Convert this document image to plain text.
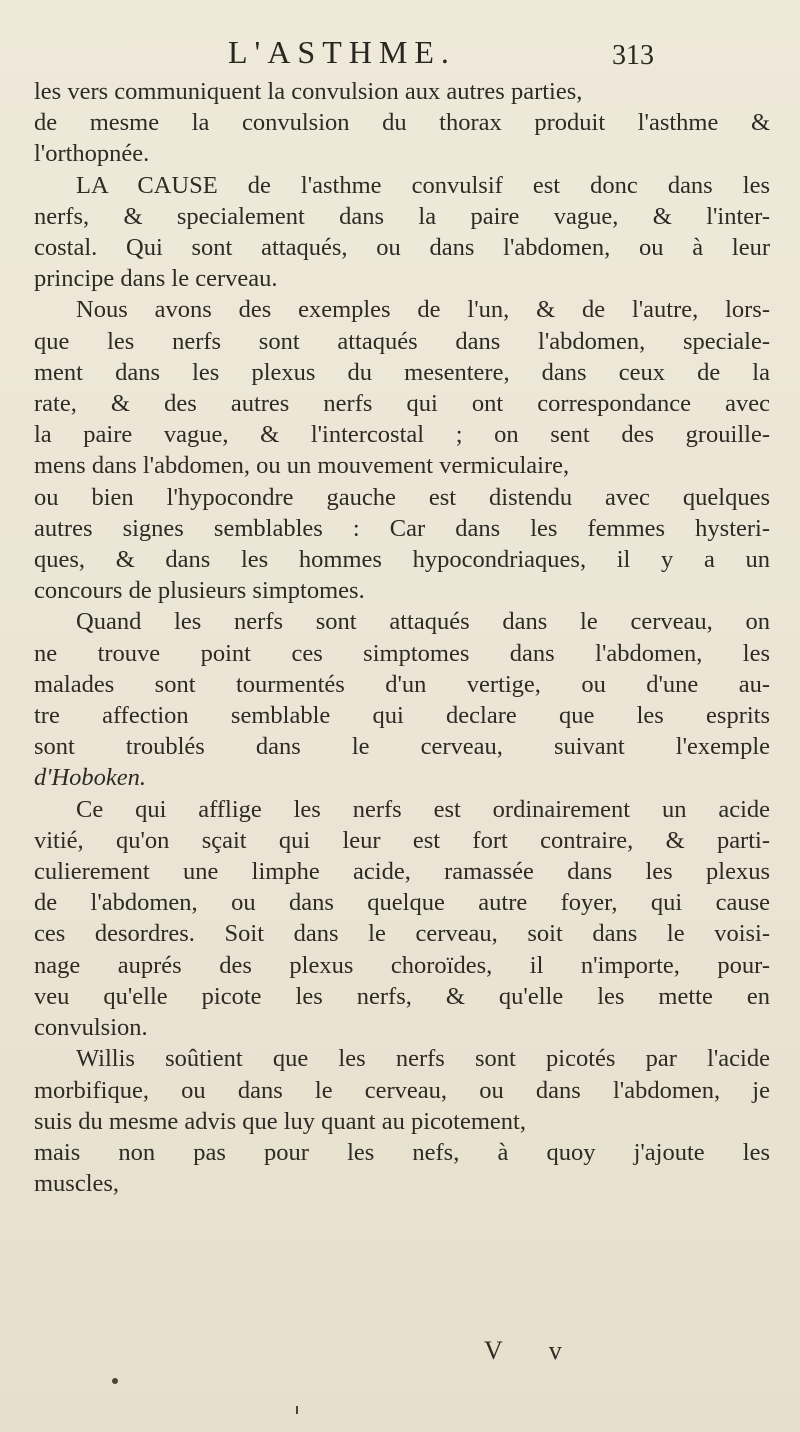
L'ASTHME.	313
les vers communiquent la convulsion aux autres parties,
de mesme la convulsion du thorax produit l'asthme &
l'orthopnée.
LA CAUSE de l'asthme convulsif est donc dans les
nerfs, & specialement dans la paire vague, & l'inter-
costal. Qui sont attaqués, ou dans l'abdomen, ou à leur
principe dans le cerveau.
Nous avons des exemples de l'un, & de l'autre, lors-
que les nerfs sont attaqués dans l'abdomen, speciale-
ment dans les plexus du mesentere, dans ceux de la
rate, & des autres nerfs qui ont correspondance avec
la paire vague, & l'intercostal ; on sent des grouille-
mens dans l'abdomen, ou un mouvement vermiculaire,
ou bien l'hypocondre gauche est distendu avec quelques
autres signes semblables : Car dans les femmes hysteri-
ques, & dans les hommes hypocondriaques, il y a un
concours de plusieurs simptomes.
Quand les nerfs sont attaqués dans le cerveau, on
ne trouve point ces simptomes dans l'abdomen, les
malades sont tourmentés d'un vertige, ou d'une au-
tre affection semblable qui declare que les esprits
sont troublés dans le cerveau, suivant l'exemple
d'Hoboken.
Ce qui afflige les nerfs est ordinairement un acide
vitié, qu'on sçait qui leur est fort contraire, & parti-
culierement une limphe acide, ramassée dans les plexus
de l'abdomen, ou dans quelque autre foyer, qui cause
ces desordres. Soit dans le cerveau, soit dans le voisi-
nage auprés des plexus choroïdes, il n'importe, pour-
veu qu'elle picote les nerfs, & qu'elle les mette en
convulsion.
Willis soûtient que les nerfs sont picotés par l'acide
morbifique, ou dans le cerveau, ou dans l'abdomen, je
suis du mesme advis que luy quant au picotement,
mais non pas pour les nefs, à quoy j'ajoute les
muscles,
V v
